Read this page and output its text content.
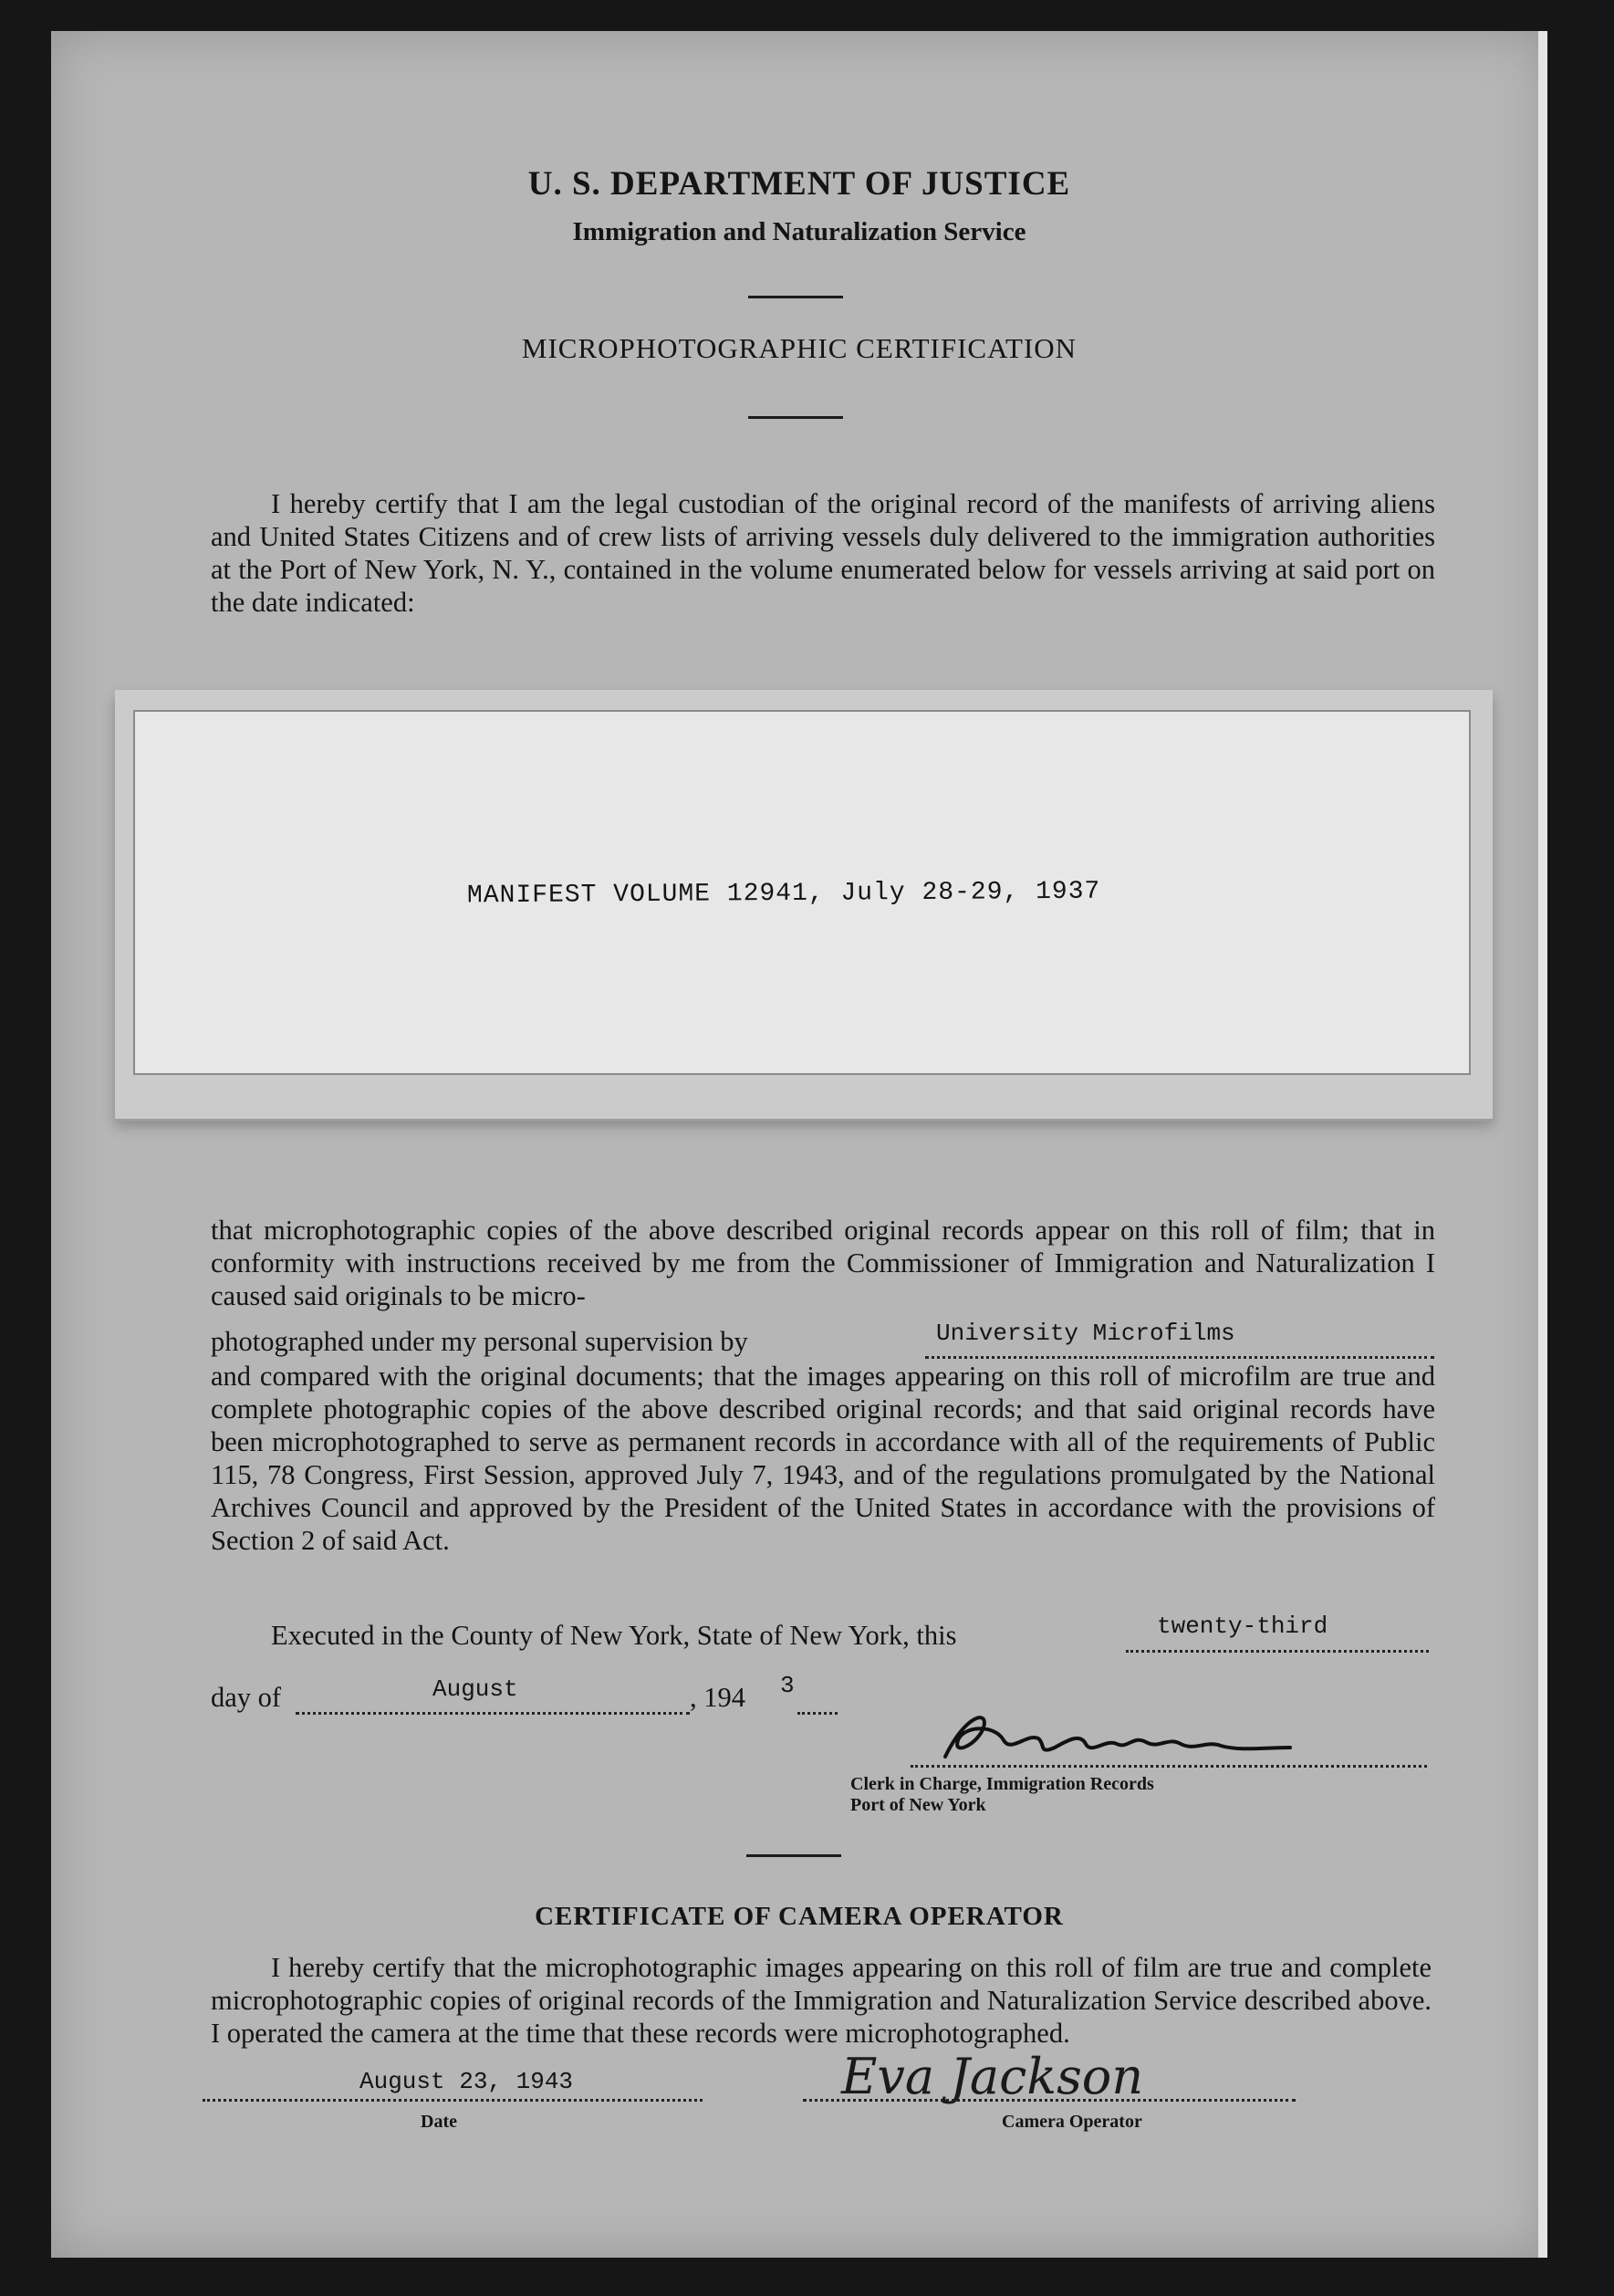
U. S. DEPARTMENT OF JUSTICE
Immigration and Naturalization Service
MICROPHOTOGRAPHIC CERTIFICATION
I hereby certify that I am the legal custodian of the original record of the manifests of arriving aliens and United States Citizens and of crew lists of arriving vessels duly delivered to the immigration authorities at the Port of New York, N. Y., contained in the volume enumerated below for vessels arriving at said port on the date indicated:
MANIFEST VOLUME 12941, July 28-29, 1937
that microphotographic copies of the above described original records appear on this roll of film; that in conformity with instructions received by me from the Commissioner of Immigration and Naturalization I caused said originals to be micro-
photographed under my personal supervision by	University Microfilms
and compared with the original documents; that the images appearing on this roll of microfilm are true and complete photographic copies of the above described original records; and that said original records have been microphotographed to serve as permanent records in accordance with all of the requirements of Public 115, 78 Congress, First Session, approved July 7, 1943, and of the regulations promulgated by the National Archives Council and approved by the President of the United States in accordance with the provisions of Section 2 of said Act.
Executed in the County of New York, State of New York, this	twenty-third
day of	August	, 194 3
Clerk in Charge, Immigration Records
Port of New York
CERTIFICATE OF CAMERA OPERATOR
I hereby certify that the microphotographic images appearing on this roll of film are true and complete microphotographic copies of original records of the Immigration and Naturalization Service described above. I operated the camera at the time that these records were microphotographed.
August 23, 1943
Date
Eva Jackson
Camera Operator
